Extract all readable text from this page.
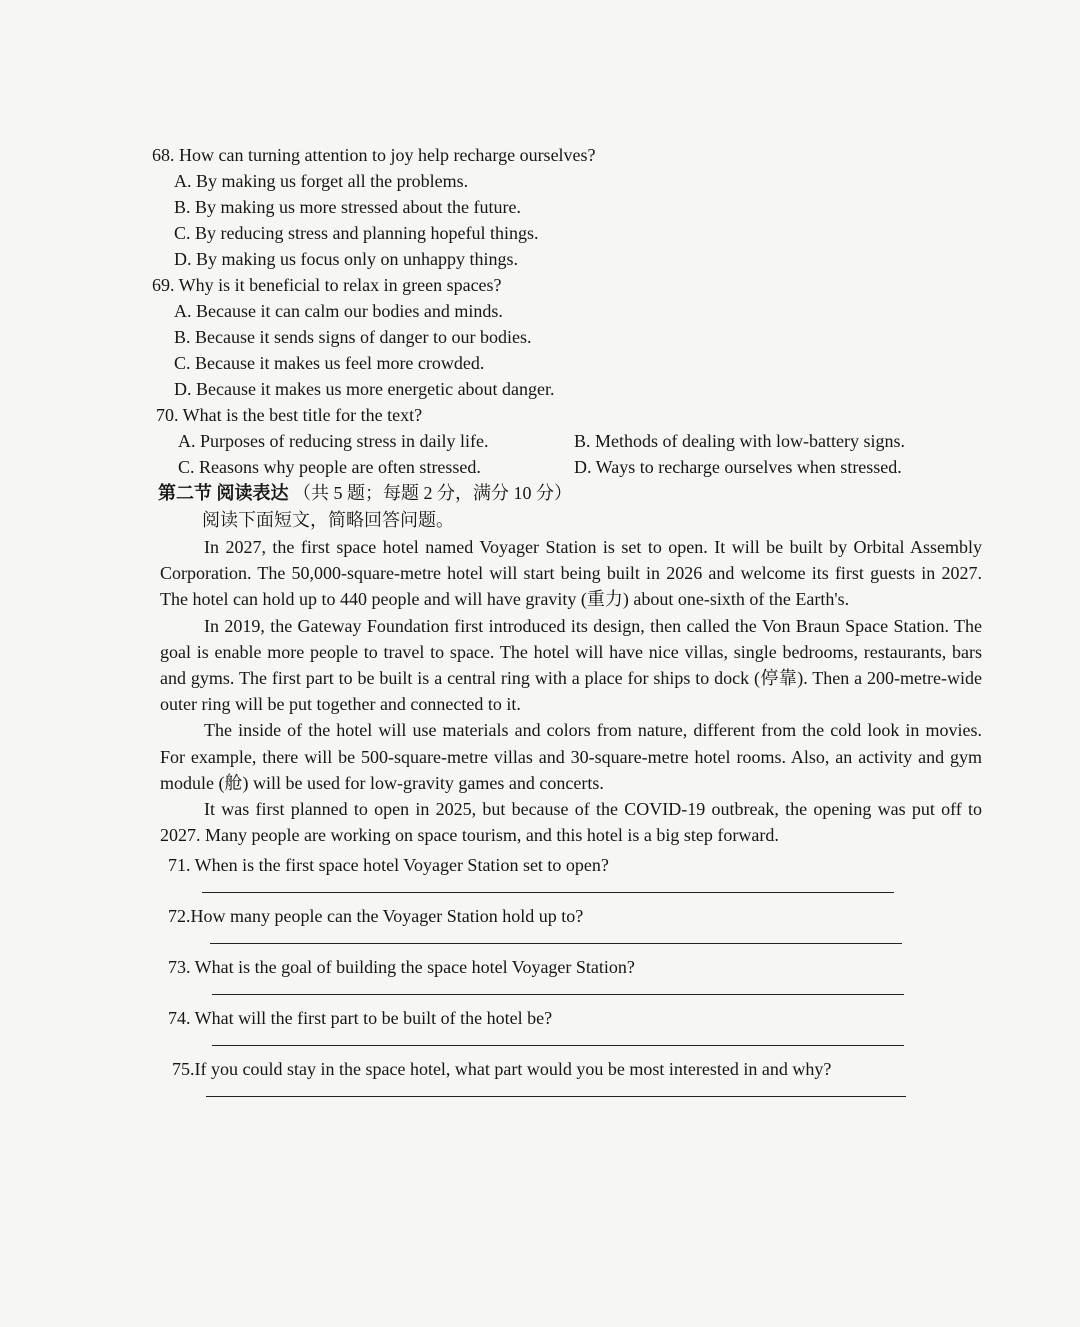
68. How can turning attention to joy help recharge ourselves?
A. By making us forget all the problems.
B. By making us more stressed about the future.
C. By reducing stress and planning hopeful things.
D. By making us focus only on unhappy things.
69. Why is it beneficial to relax in green spaces?
A. Because it can calm our bodies and minds.
B. Because it sends signs of danger to our bodies.
C. Because it makes us feel more crowded.
D. Because it makes us more energetic about danger.
70. What is the best title for the text?
A. Purposes of reducing stress in daily life.	B. Methods of dealing with low-battery signs.
C. Reasons why people are often stressed.	D. Ways to recharge ourselves when stressed.
第二节 阅读表达 （共 5 题；每题 2 分，满分 10 分）
阅读下面短文，简略回答问题。

In 2027, the first space hotel named Voyager Station is set to open. It will be built by Orbital Assembly Corporation. The 50,000-square-metre hotel will start being built in 2026 and welcome its first guests in 2027. The hotel can hold up to 440 people and will have gravity (重力) about one-sixth of the Earth's.

In 2019, the Gateway Foundation first introduced its design, then called the Von Braun Space Station. The goal is enable more people to travel to space. The hotel will have nice villas, single bedrooms, restaurants, bars and gyms. The first part to be built is a central ring with a place for ships to dock (停靠). Then a 200-metre-wide outer ring will be put together and connected to it.

The inside of the hotel will use materials and colors from nature, different from the cold look in movies. For example, there will be 500-square-metre villas and 30-square-metre hotel rooms. Also, an activity and gym module (舱) will be used for low-gravity games and concerts.

It was first planned to open in 2025, but because of the COVID-19 outbreak, the opening was put off to 2027. Many people are working on space tourism, and this hotel is a big step forward.

71. When is the first space hotel Voyager Station set to open?
72.How many people can the Voyager Station hold up to?
73. What is the goal of building the space hotel Voyager Station?
74. What will the first part to be built of the hotel be?
75.If you could stay in the space hotel, what part would you be most interested in and why?
